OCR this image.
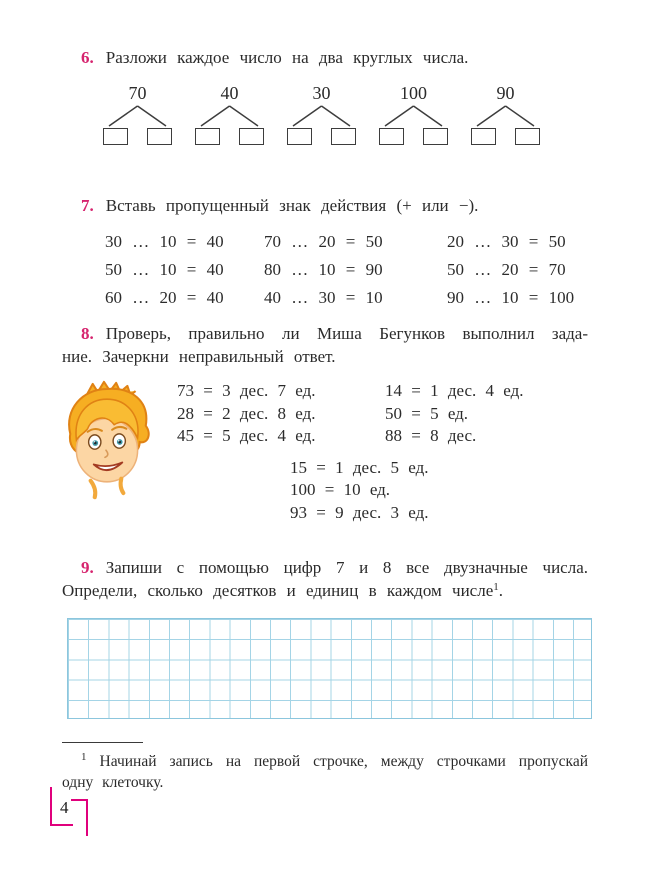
6. Разложи каждое число на два круглых числа.
70	40	30	100	90
7. Вставь пропущенный знак действия (+ или −).
30 … 10 = 40
50 … 10 = 40
60 … 20 = 40
70 … 20 = 50
80 … 10 = 90
40 … 30 = 10
20 … 30 = 50
50 … 20 = 70
90 … 10 = 100
8. Проверь, правильно ли Миша Бегунков выполнил зада-
ние. Зачеркни неправильный ответ.
73 = 3 дес. 7 ед.
28 = 2 дес. 8 ед.
45 = 5 дес. 4 ед.
14 = 1 дес. 4 ед.
50 = 5 ед.
88 = 8 дес.
15 = 1 дес. 5 ед.
100 = 10 ед.
93 = 9 дес. 3 ед.
9. Запиши с помощью цифр 7 и 8 все двузначные числа.
Определи, сколько десятков и единиц в каждом числе$^1$.
$^1$ Начинай запись на первой строчке, между строчками пропускай
одну клеточку.
4
